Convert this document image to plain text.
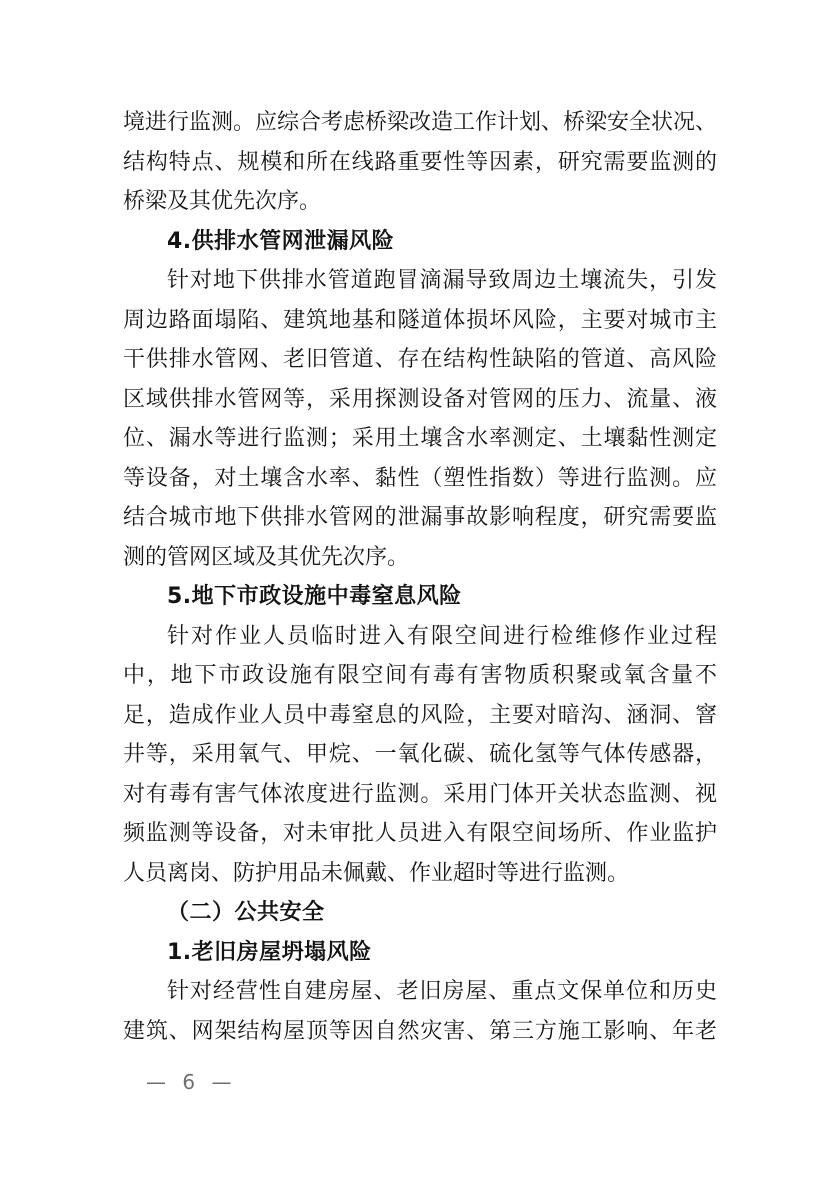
境进行监测。应综合考虑桥梁改造工作计划、桥梁安全状况、
结构特点、规模和所在线路重要性等因素，研究需要监测的
桥梁及其优先次序。
4.供排水管网泄漏风险
针对地下供排水管道跑冒滴漏导致周边土壤流失，引发
周边路面塌陷、建筑地基和隧道体损坏风险，主要对城市主
干供排水管网、老旧管道、存在结构性缺陷的管道、高风险
区域供排水管网等，采用探测设备对管网的压力、流量、液
位、漏水等进行监测；采用土壤含水率测定、土壤黏性测定
等设备，对土壤含水率、黏性（塑性指数）等进行监测。应
结合城市地下供排水管网的泄漏事故影响程度，研究需要监
测的管网区域及其优先次序。
5.地下市政设施中毒窒息风险
针对作业人员临时进入有限空间进行检维修作业过程
中，地下市政设施有限空间有毒有害物质积聚或氧含量不
足，造成作业人员中毒窒息的风险，主要对暗沟、涵洞、窨
井等，采用氧气、甲烷、一氧化碳、硫化氢等气体传感器，
对有毒有害气体浓度进行监测。采用门体开关状态监测、视
频监测等设备，对未审批人员进入有限空间场所、作业监护
人员离岗、防护用品未佩戴、作业超时等进行监测。
（二）公共安全
1.老旧房屋坍塌风险
针对经营性自建房屋、老旧房屋、重点文保单位和历史
建筑、网架结构屋顶等因自然灾害、第三方施工影响、年老
— 6 —
